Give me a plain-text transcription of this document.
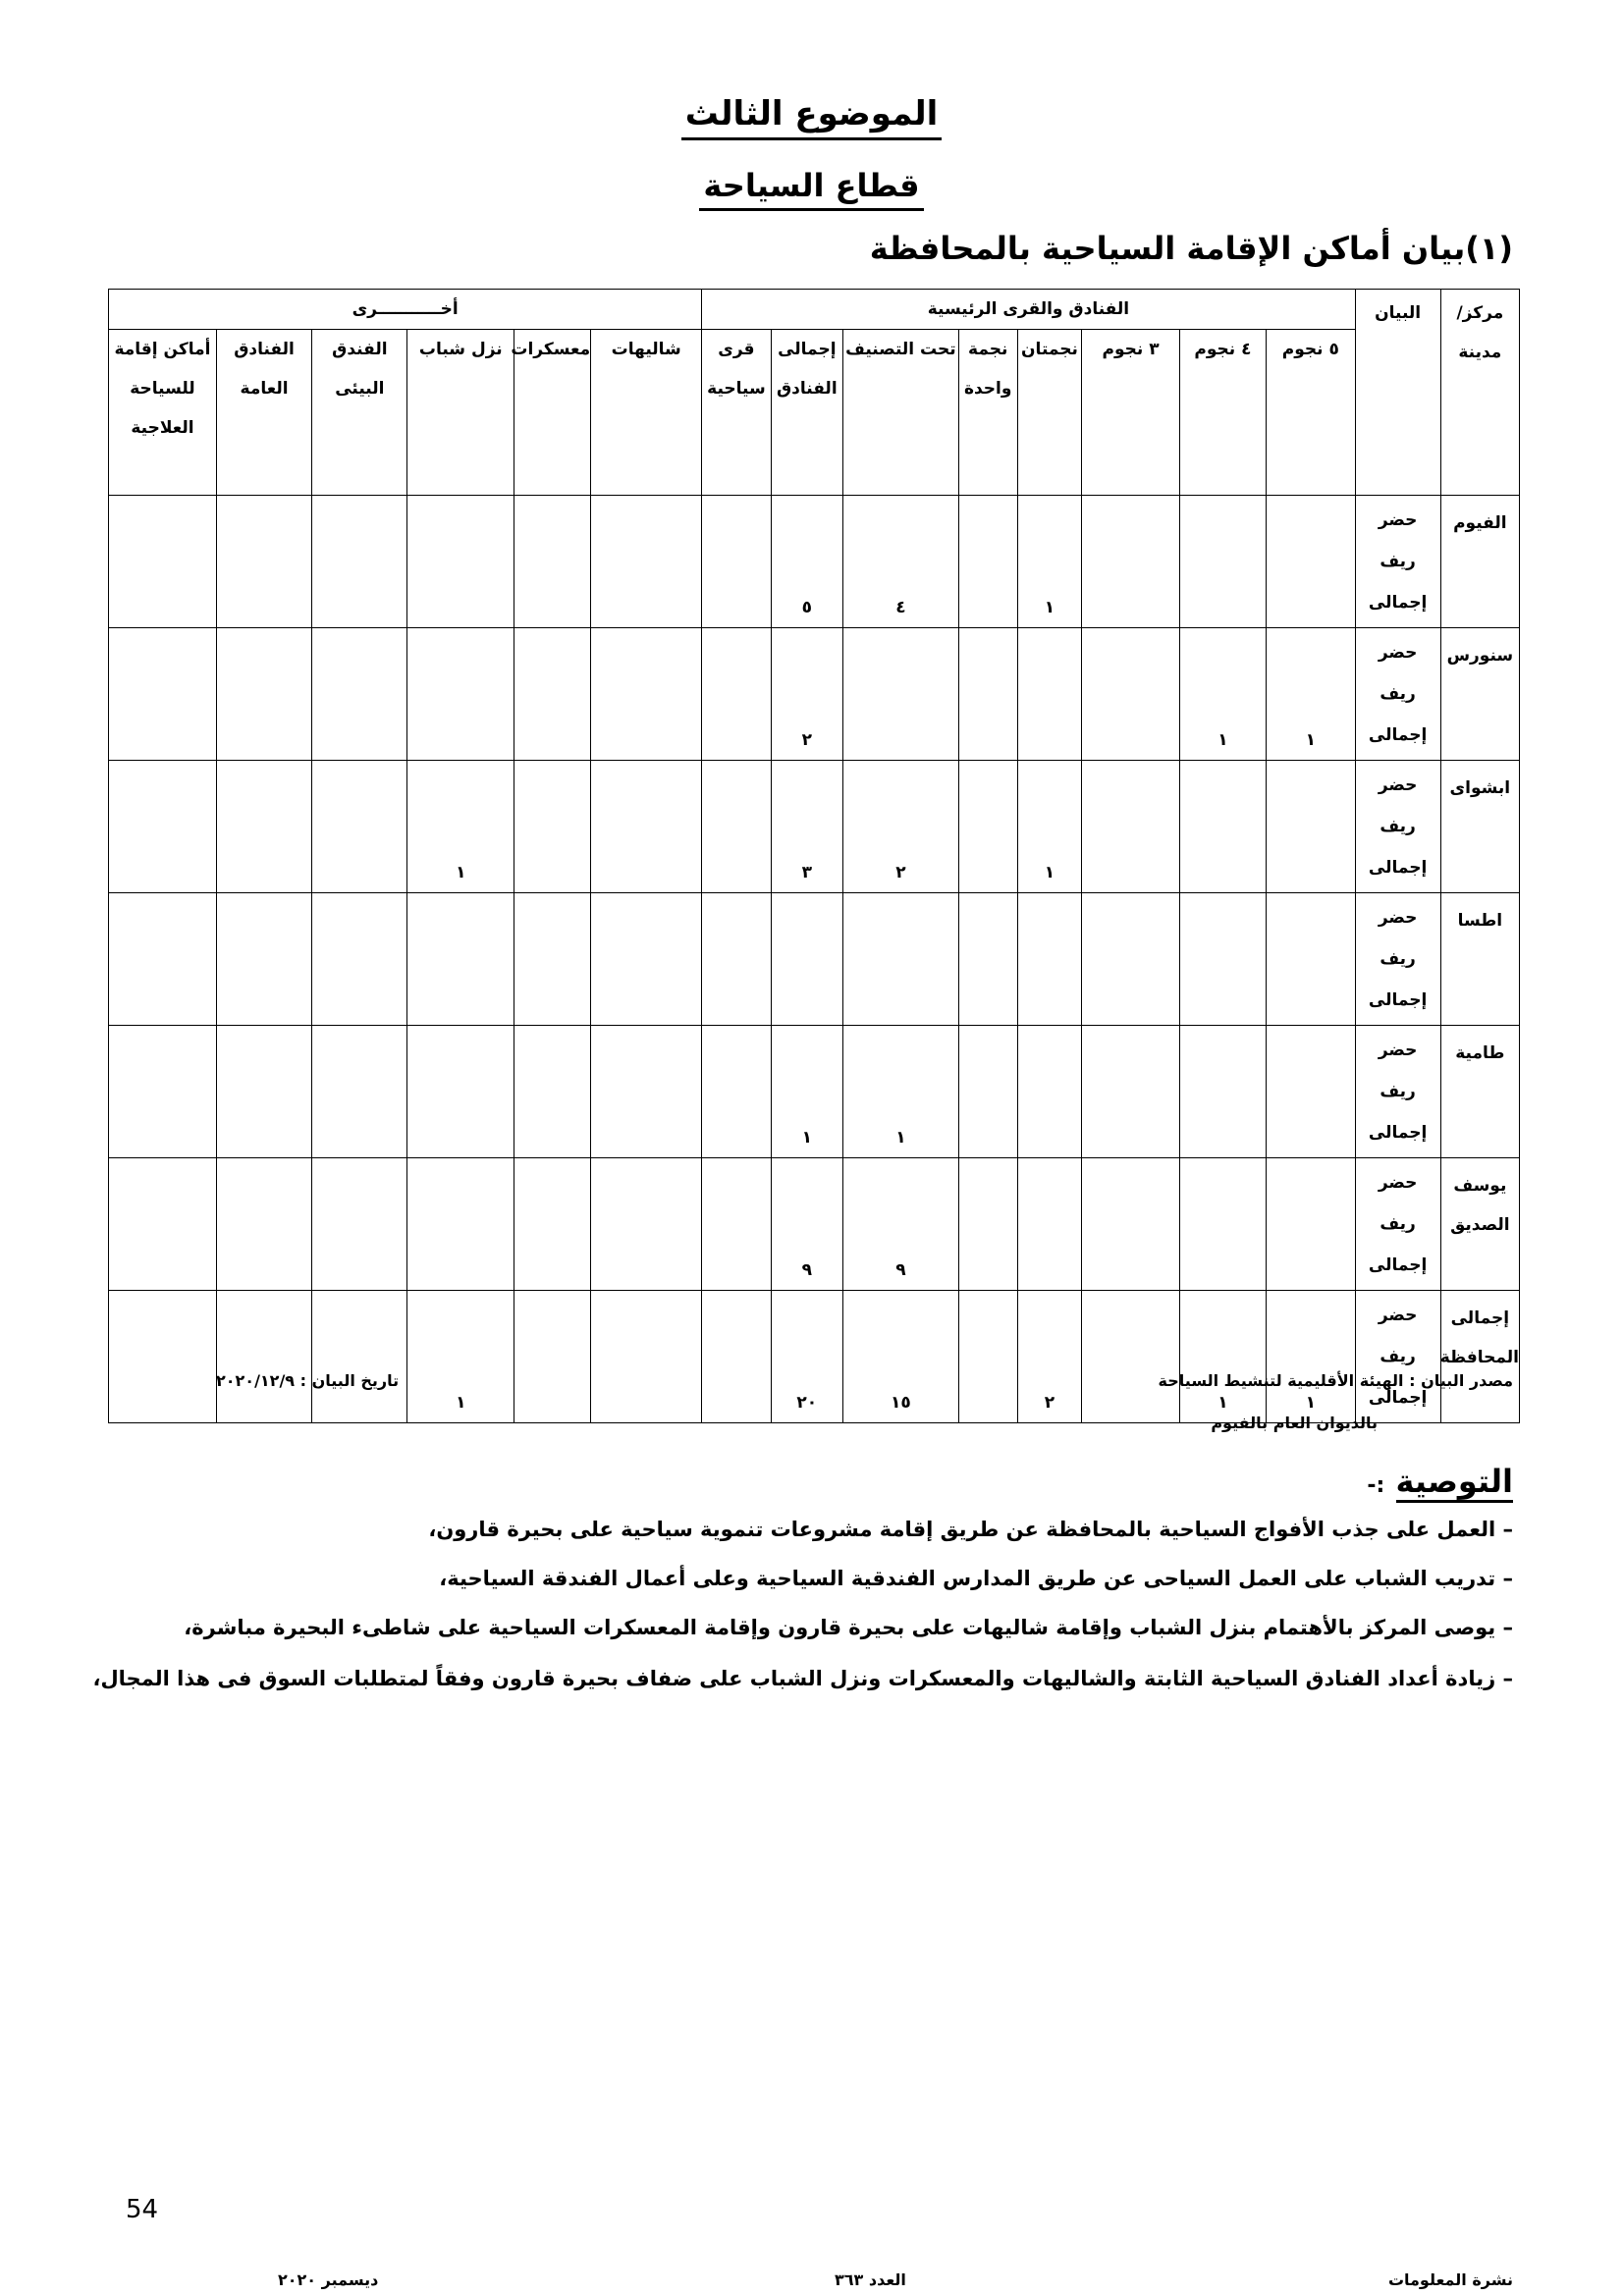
الموضوع الثالث
قطاع السياحة
(١)بيان أماكن الإقامة السياحية بالمحافظة
مركز/ مدينة	البيان	الفنادق والقرى الرئيسية								أخـــــــــــرى					
		٥ نجوم	٤ نجوم	٣ نجوم	نجمتان	نجمة واحدة	تحت التصنيف	إجمالى الفنادق	قرى سياحية	شاليهات	معسكرات	نزل شباب	الفندق البيئى	الفنادق العامة	أماكن إقامة للسياحة العلاجية
الفيوم	حضر
ريف
إجمالى				١		٤	٥							
سنورس	حضر
ريف
إجمالى	١	١					٢							
ابشواى	حضر
ريف
إجمالى				١		٢	٣				١			
اطسا	حضر
ريف
إجمالى														

طامية	حضر
ريف
إجمالى						١	١							
يوسف الصديق	حضر
ريف
إجمالى						٩	٩							
إجمالى المحافظة	حضر
ريف
إجمالى	١	١		٢		١٥	٢٠				١			
مصدر البيان : الهيئة الأقليمية لتنشيط السياحة
بالديوان العام بالفيوم
تاريخ البيان : ٢٠٢٠/١٢/٩
التوصية :-
– العمل على جذب الأفواج السياحية بالمحافظة عن طريق إقامة مشروعات تنموية سياحية على بحيرة قارون،
– تدريب الشباب على العمل السياحى عن طريق المدارس الفندقية السياحية وعلى أعمال الفندقة السياحية،
– يوصى المركز بالأهتمام بنزل الشباب وإقامة شاليهات على بحيرة قارون وإقامة المعسكرات السياحية على شاطىء البحيرة مباشرة،
– زيادة أعداد الفنادق السياحية الثابتة والشاليهات والمعسكرات ونزل الشباب على ضفاف بحيرة قارون وفقاً لمتطلبات السوق فى هذا المجال،
54
نشرة المعلومات
العدد ٣٦٣
ديسمبر ٢٠٢٠
